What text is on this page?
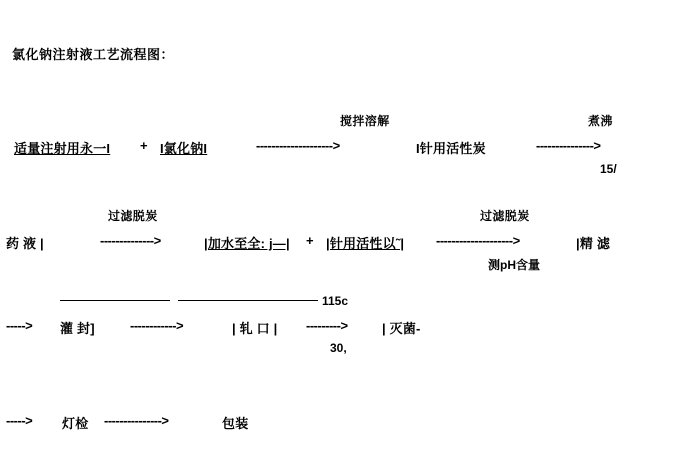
氯化钠注射液工艺流程图：
搅拌溶解	煮沸
适量注射用永一I + I氯化钠I	-------------------->	I针用活性炭	--------------->
15/
过滤脱炭	过滤脱炭
药 液 |	-------------->	|加水至全: j—| + |针用活性以˜| -------------------->	|精 滤
测pH含量
115c
-----> 灌 封]	------------>	| 轧 口 | --------->	| 灭菌-
30,
-----> 灯检 --------------->	包装
